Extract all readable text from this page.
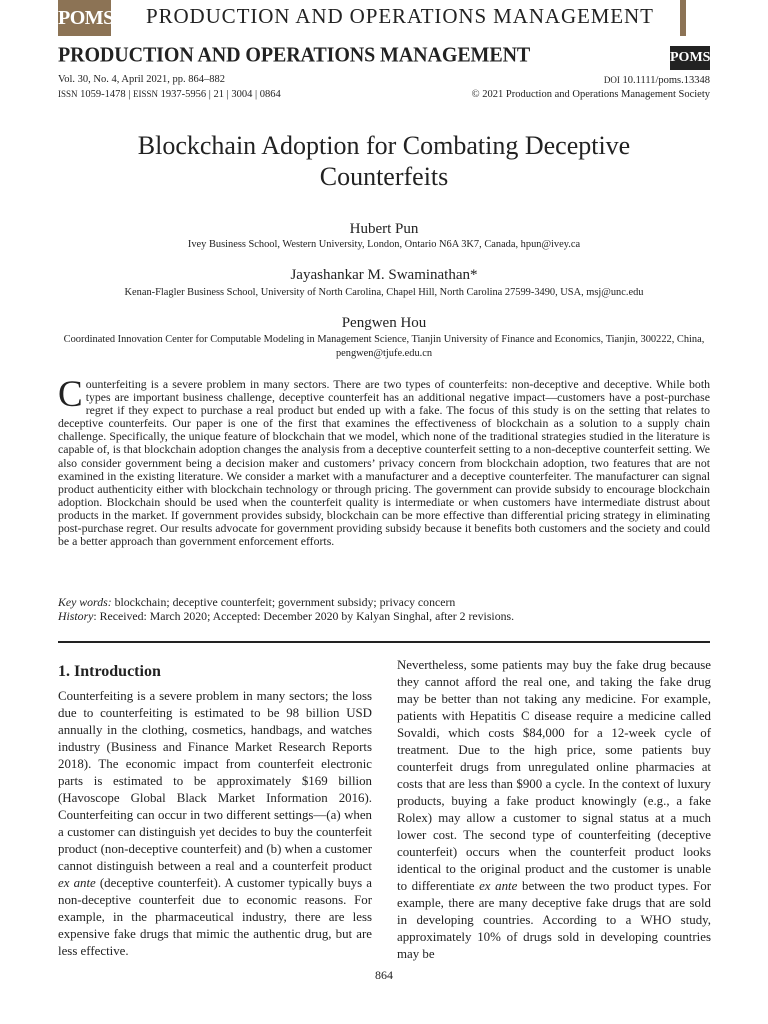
POMS PRODUCTION AND OPERATIONS MANAGEMENT
PRODUCTION AND OPERATIONS MANAGEMENT	POMS
Vol. 30, No. 4, April 2021, pp. 864–882
ISSN 1059-1478 | EISSN 1937-5956 | 21 | 3004 | 0864
DOI 10.1111/poms.13348
© 2021 Production and Operations Management Society
Blockchain Adoption for Combating Deceptive
Counterfeits
Hubert Pun
Ivey Business School, Western University, London, Ontario N6A 3K7, Canada, hpun@ivey.ca
Jayashankar M. Swaminathan*
Kenan-Flagler Business School, University of North Carolina, Chapel Hill, North Carolina 27599-3490, USA, msj@unc.edu
Pengwen Hou
Coordinated Innovation Center for Computable Modeling in Management Science, Tianjin University of Finance and Economics, Tianjin, 300222, China, pengwen@tjufe.edu.cn
C ounterfeiting is a severe problem in many sectors. There are two types of counterfeits: non-deceptive and deceptive. While both types are important business challenge, deceptive counterfeit has an additional negative impact—customers have a post-purchase regret if they expect to purchase a real product but ended up with a fake. The focus of this study is on the setting that relates to deceptive counterfeits. Our paper is one of the first that examines the effectiveness of blockchain as a solution to a supply chain challenge. Specifically, the unique feature of blockchain that we model, which none of the traditional strategies studied in the literature is capable of, is that blockchain adoption changes the analysis from a deceptive counterfeit setting to a non-deceptive counterfeit setting. We also consider government being a decision maker and customers’ privacy concern from blockchain adoption, two features that are not examined in the existing literature. We consider a market with a manufacturer and a deceptive counterfeiter. The manufacturer can signal product authenticity either with blockchain technology or through pricing. The government can provide subsidy to encourage blockchain adoption. Blockchain should be used when the counterfeit quality is intermediate or when customers have intermediate distrust about products in the market. If government provides subsidy, blockchain can be more effective than differential pricing strategy in eliminating post-purchase regret. Our results advocate for government providing subsidy because it benefits both customers and the society and could be a better approach than government enforcement efforts.
Key words: blockchain; deceptive counterfeit; government subsidy; privacy concern
History: Received: March 2020; Accepted: December 2020 by Kalyan Singhal, after 2 revisions.
1. Introduction
Counterfeiting is a severe problem in many sectors; the loss due to counterfeiting is estimated to be 98 billion USD annually in the clothing, cosmetics, handbags, and watches industry (Business and Finance Market Research Reports 2018). The economic impact from counterfeit electronic parts is estimated to be approximately $169 billion (Havoscope Global Black Market Information 2016). Counterfeiting can occur in two different settings—(a) when a customer can distinguish yet decides to buy the counterfeit product (non-deceptive counterfeit) and (b) when a customer cannot distinguish between a real and a counterfeit product ex ante (deceptive counterfeit). A customer typically buys a non-deceptive counterfeit due to economic reasons. For example, in the pharmaceutical industry, there are less expensive fake drugs that mimic the authentic drug, but are less effective.
Nevertheless, some patients may buy the fake drug because they cannot afford the real one, and taking the fake drug may be better than not taking any medicine. For example, patients with Hepatitis C disease require a medicine called Sovaldi, which costs $84,000 for a 12-week cycle of treatment. Due to the high price, some patients buy counterfeit drugs from unregulated online pharmacies at costs that are less than $900 a cycle. In the context of luxury products, buying a fake product knowingly (e.g., a fake Rolex) may allow a customer to signal status at a much lower cost. The second type of counterfeiting (deceptive counterfeit) occurs when the counterfeit product looks identical to the original product and the customer is unable to differentiate ex ante between the two product types. For example, there are many deceptive fake drugs that are sold in developing countries. According to a WHO study, approximately 10% of drugs sold in developing countries may be
864
